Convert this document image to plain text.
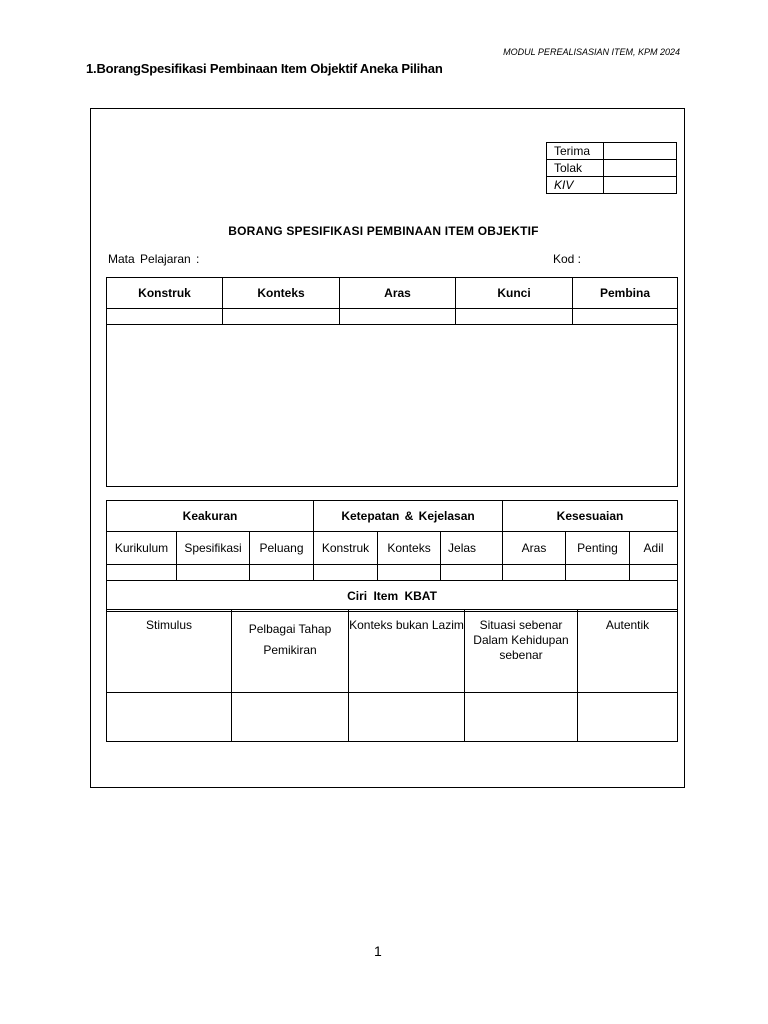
MODUL PEREALISASIAN ITEM, KPM 2024
1.BorangSpesifikasi Pembinaan Item Objektif Aneka Pilihan
Terima	
Tolak	
KIV	
BORANG SPESIFIKASI PEMBINAAN ITEM OBJEKTIF
Mata Pelajaran :	Kod :
Konstruk	Konteks	Aras	Kunci	Pembina

Keakuran			Ketepatan & Kejelasan			Kesesuaian		
Kurikulum	Spesifikasi	Peluang	Konstruk	Konteks	Jelas	Aras	Penting	Adil

Ciri Item KBAT								
Stimulus	Pelbagai Tahap Pemikiran	Konteks bukan Lazim	Situasi sebenar Dalam Kehidupan sebenar	Autentik

1
